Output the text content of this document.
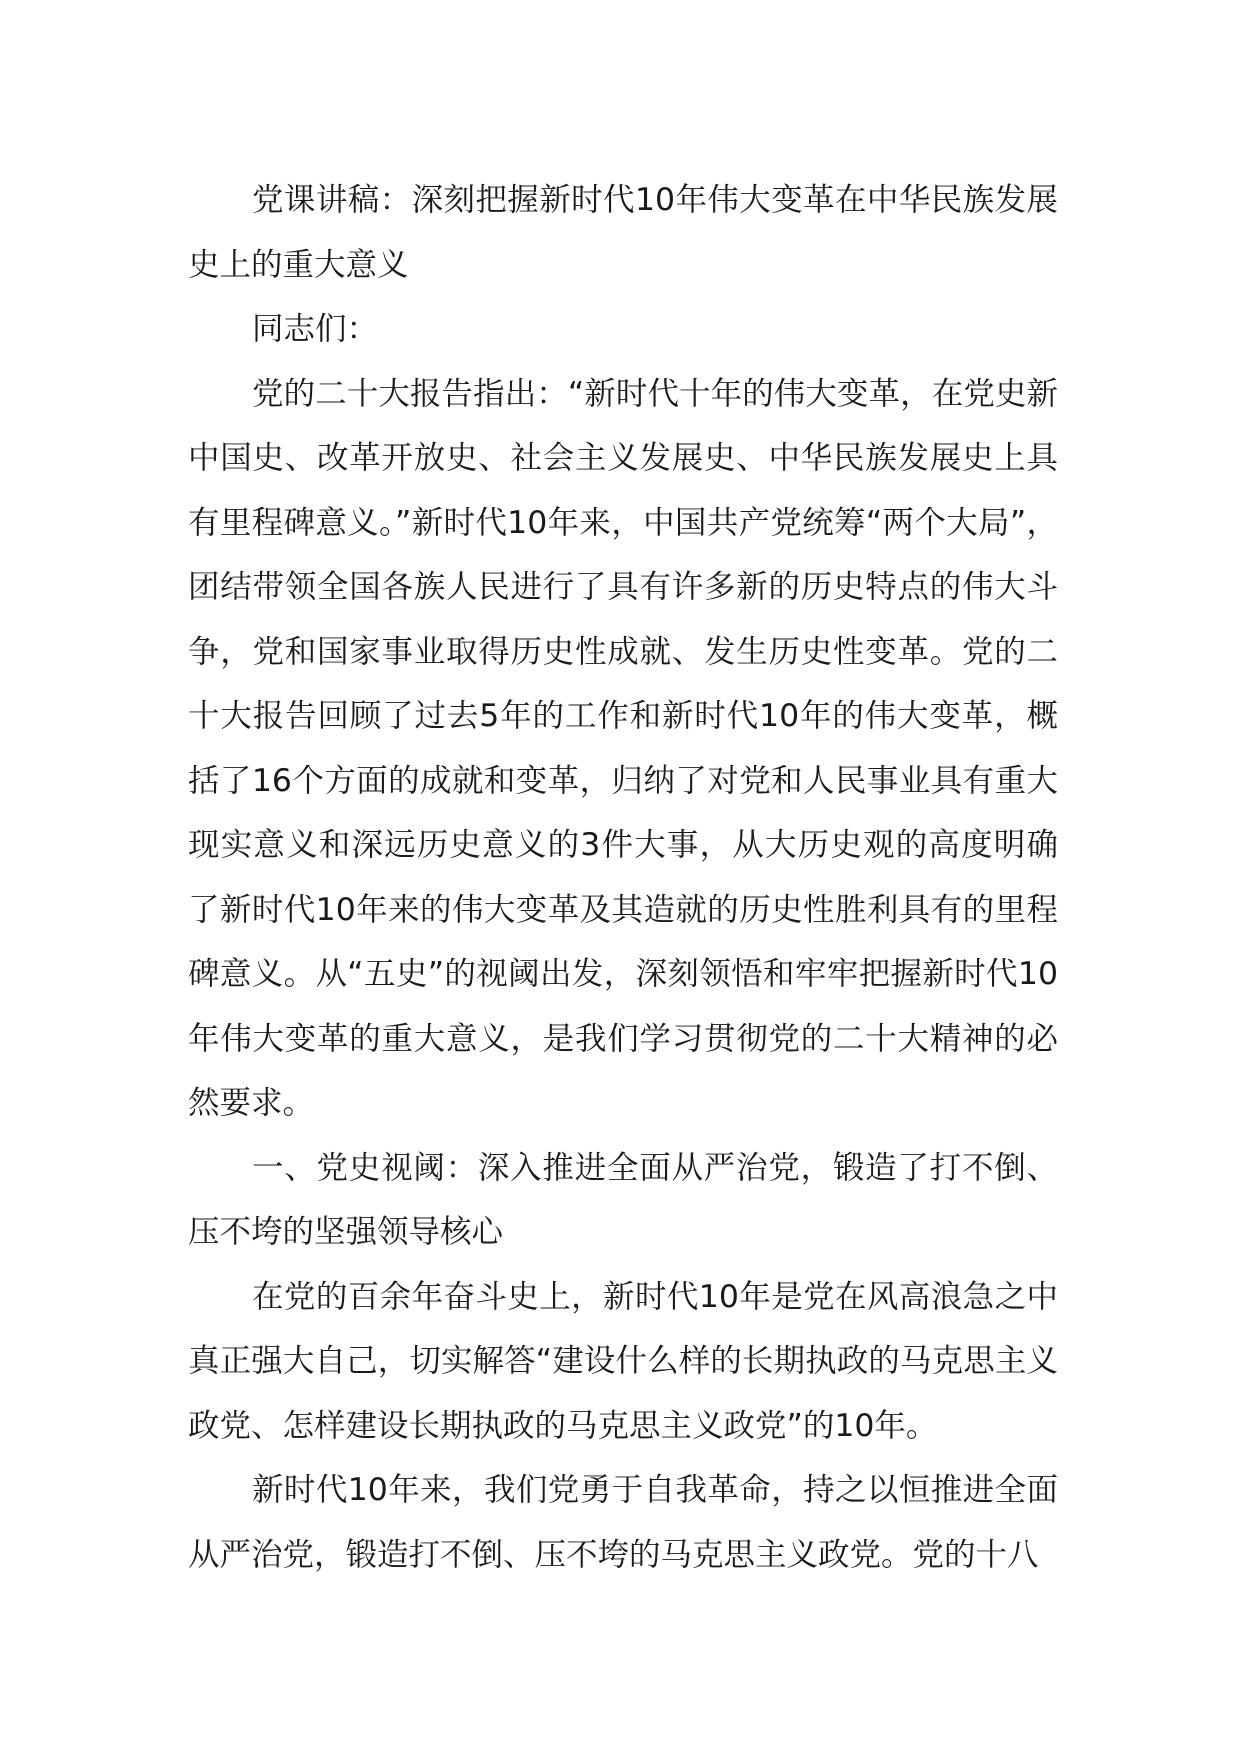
党课讲稿：深刻把握新时代10年伟大变革在中华民族发展史上的重大意义

同志们：

党的二十大报告指出：“新时代十年的伟大变革，在党史新中国史、改革开放史、社会主义发展史、中华民族发展史上具有里程碑意义。”新时代10年来，中国共产党统筹“两个大局”，团结带领全国各族人民进行了具有许多新的历史特点的伟大斗争，党和国家事业取得历史性成就、发生历史性变革。党的二十大报告回顾了过去5年的工作和新时代10年的伟大变革，概括了16个方面的成就和变革，归纳了对党和人民事业具有重大现实意义和深远历史意义的3件大事，从大历史观的高度明确了新时代10年来的伟大变革及其造就的历史性胜利具有的里程碑意义。从“五史”的视阈出发，深刻领悟和牢牢把握新时代10年伟大变革的重大意义，是我们学习贯彻党的二十大精神的必然要求。

一、党史视阈：深入推进全面从严治党，锻造了打不倒、压不垮的坚强领导核心

在党的百余年奋斗史上，新时代10年是党在风高浪急之中真正强大自己，切实解答“建设什么样的长期执政的马克思主义政党、怎样建设长期执政的马克思主义政党”的10年。

新时代10年来，我们党勇于自我革命，持之以恒推进全面从严治党，锻造打不倒、压不垮的马克思主义政党。党的十八
